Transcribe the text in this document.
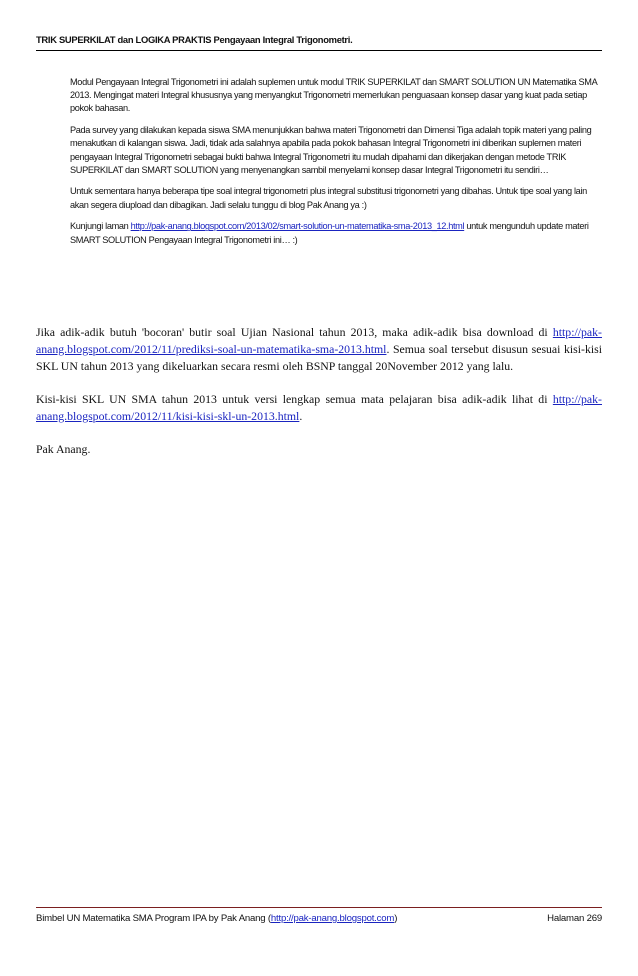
TRIK SUPERKILAT dan LOGIKA PRAKTIS Pengayaan Integral Trigonometri.

Modul Pengayaan Integral Trigonometri ini adalah suplemen untuk modul TRIK SUPERKILAT dan SMART SOLUTION UN Matematika SMA 2013. Mengingat materi Integral khususnya yang menyangkut Trigonometri memerlukan penguasaan konsep dasar yang kuat pada setiap pokok bahasan.

Pada survey yang dilakukan kepada siswa SMA menunjukkan bahwa materi Trigonometri dan Dimensi Tiga adalah topik materi yang paling menakutkan di kalangan siswa. Jadi, tidak ada salahnya apabila pada pokok bahasan Integral Trigonometri ini diberikan suplemen materi pengayaan Integral Trigonometri sebagai bukti bahwa Integral Trigonometri itu mudah dipahami dan dikerjakan dengan metode TRIK SUPERKILAT dan SMART SOLUTION yang menyenangkan sambil menyelami konsep dasar Integral Trigonometri itu sendiri…

Untuk sementara hanya beberapa tipe soal integral trigonometri plus integral substitusi trigonometri yang dibahas. Untuk tipe soal yang lain akan segera diupload dan dibagikan. Jadi selalu tunggu di blog Pak Anang ya :)

Kunjungi laman http://pak-anang.blogspot.com/2013/02/smart-solution-un-matematika-sma-2013_12.html untuk mengunduh update materi SMART SOLUTION Pengayaan Integral Trigonometri ini… :)

Jika adik-adik butuh 'bocoran' butir soal Ujian Nasional tahun 2013, maka adik-adik bisa download di http://pak-anang.blogspot.com/2012/11/prediksi-soal-un-matematika-sma-2013.html. Semua soal tersebut disusun sesuai kisi-kisi SKL UN tahun 2013 yang dikeluarkan secara resmi oleh BSNP tanggal 20November 2012 yang lalu.

Kisi-kisi SKL UN SMA tahun 2013 untuk versi lengkap semua mata pelajaran bisa adik-adik lihat di http://pak-anang.blogspot.com/2012/11/kisi-kisi-skl-un-2013.html.

Pak Anang.

Bimbel UN Matematika SMA Program IPA by Pak Anang (http://pak-anang.blogspot.com)	Halaman 269
